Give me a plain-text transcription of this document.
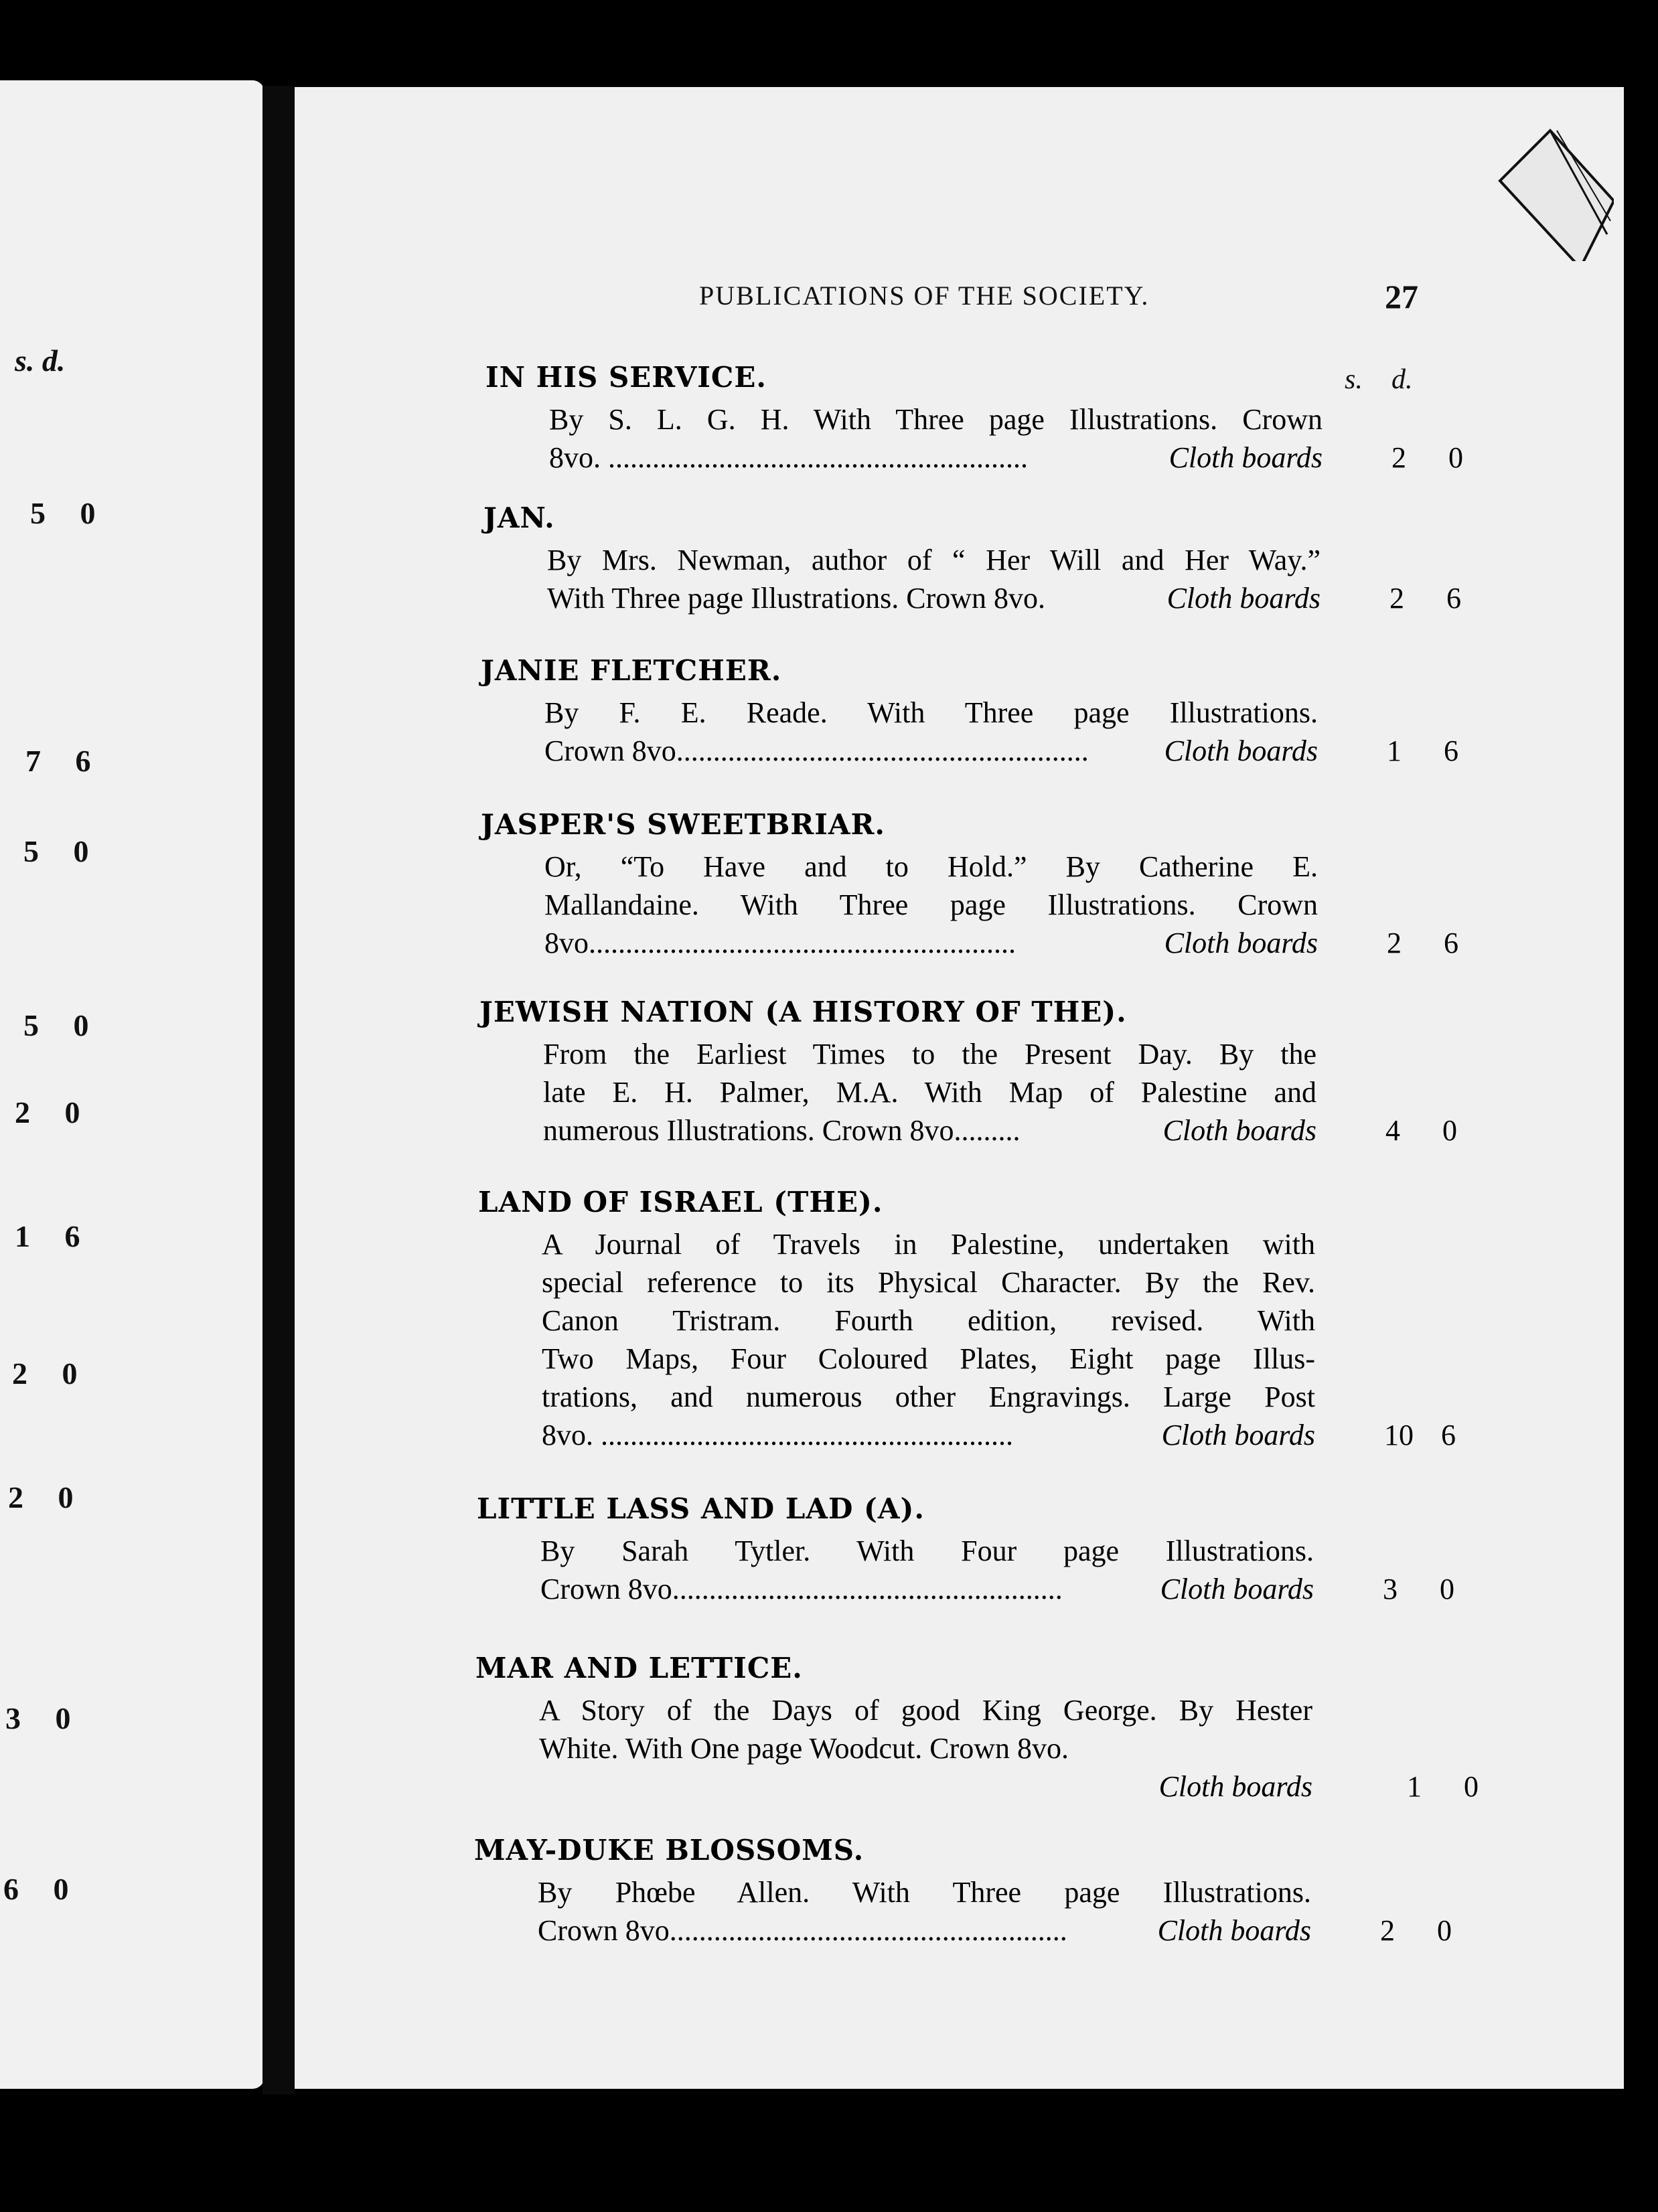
s. d.
5 0
7 6
5 0
5 0
2 0
1 6
2 0
2 0
3 0
6 0
PUBLICATIONS OF THE SOCIETY.	27
s. d.
IN HIS SERVICE.
By S. L. G. H. With Three page Illustrations. Crown
8vo. .........................................................	Cloth boards 2	0
JAN.
By Mrs. Newman, author of “ Her Will and Her Way.”
With Three page Illustrations. Crown 8vo.	Cloth boards 2	6
JANIE FLETCHER.
By F. E. Reade. With Three page Illustrations.
Crown 8vo........................................................	Cloth boards 1	6
JASPER'S SWEETBRIAR.
Or, “To Have and to Hold.” By Catherine E.
Mallandaine. With Three page Illustrations. Crown
8vo..........................................................	Cloth boards 2	6
JEWISH NATION (A HISTORY OF THE).
From the Earliest Times to the Present Day. By the
late E. H. Palmer, M.A. With Map of Palestine and
numerous Illustrations. Crown 8vo.........	Cloth boards 4	0
LAND OF ISRAEL (THE).
A Journal of Travels in Palestine, undertaken with
special reference to its Physical Character. By the Rev.
Canon Tristram. Fourth edition, revised. With
Two Maps, Four Coloured Plates, Eight page Illus-
trations, and numerous other Engravings. Large Post
8vo. ........................................................	Cloth boards 10 6
LITTLE LASS AND LAD (A).
By Sarah Tytler. With Four page Illustrations.
Crown 8vo.....................................................	Cloth boards 3	0
MAR AND LETTICE.
A Story of the Days of good King George. By Hester
White. With One page Woodcut. Crown 8vo.
Cloth boards	1	0
MAY-DUKE BLOSSOMS.
By Phœbe Allen. With Three page Illustrations.
Crown 8vo......................................................	Cloth boards 2	0
